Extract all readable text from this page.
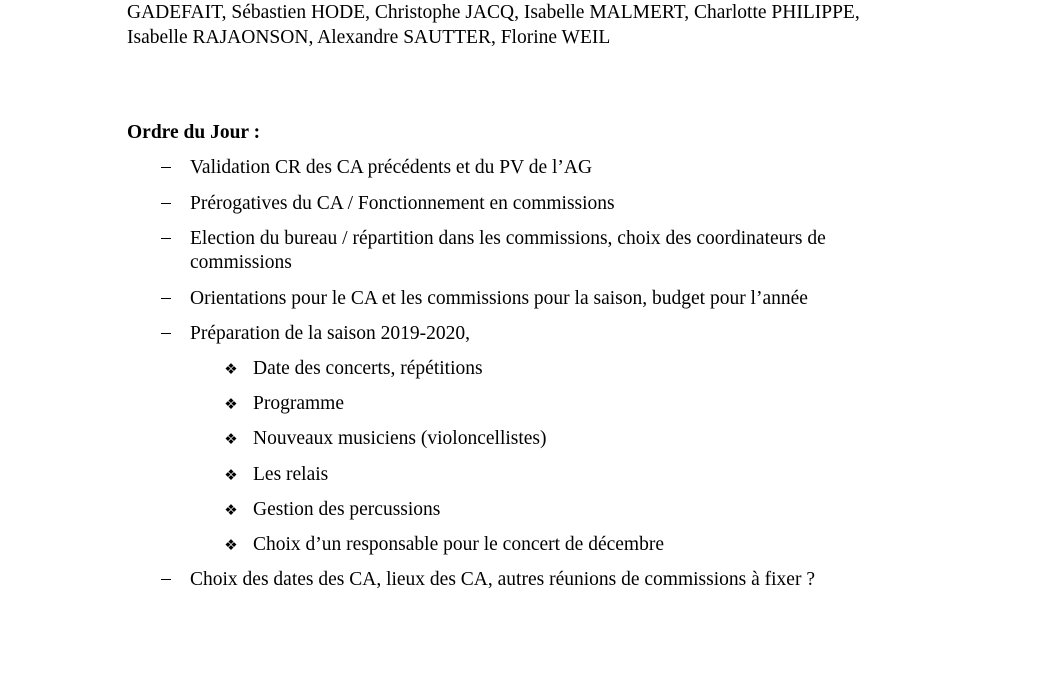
GADEFAIT, Sébastien HODE, Christophe JACQ, Isabelle MALMERT, Charlotte PHILIPPE,
Isabelle RAJAONSON, Alexandre SAUTTER, Florine WEIL
Ordre du Jour :
– Validation CR des CA précédents et du PV de l’AG
– Prérogatives du CA / Fonctionnement en commissions
– Election du bureau / répartition dans les commissions, choix des coordinateurs de commissions
– Orientations pour le CA et les commissions pour la saison, budget pour l’année
– Préparation de la saison 2019-2020,
❖ Date des concerts, répétitions
❖ Programme
❖ Nouveaux musiciens (violoncellistes)
❖ Les relais
❖ Gestion des percussions
❖ Choix d’un responsable pour le concert de décembre
– Choix des dates des CA, lieux des CA, autres réunions de commissions à fixer ?
